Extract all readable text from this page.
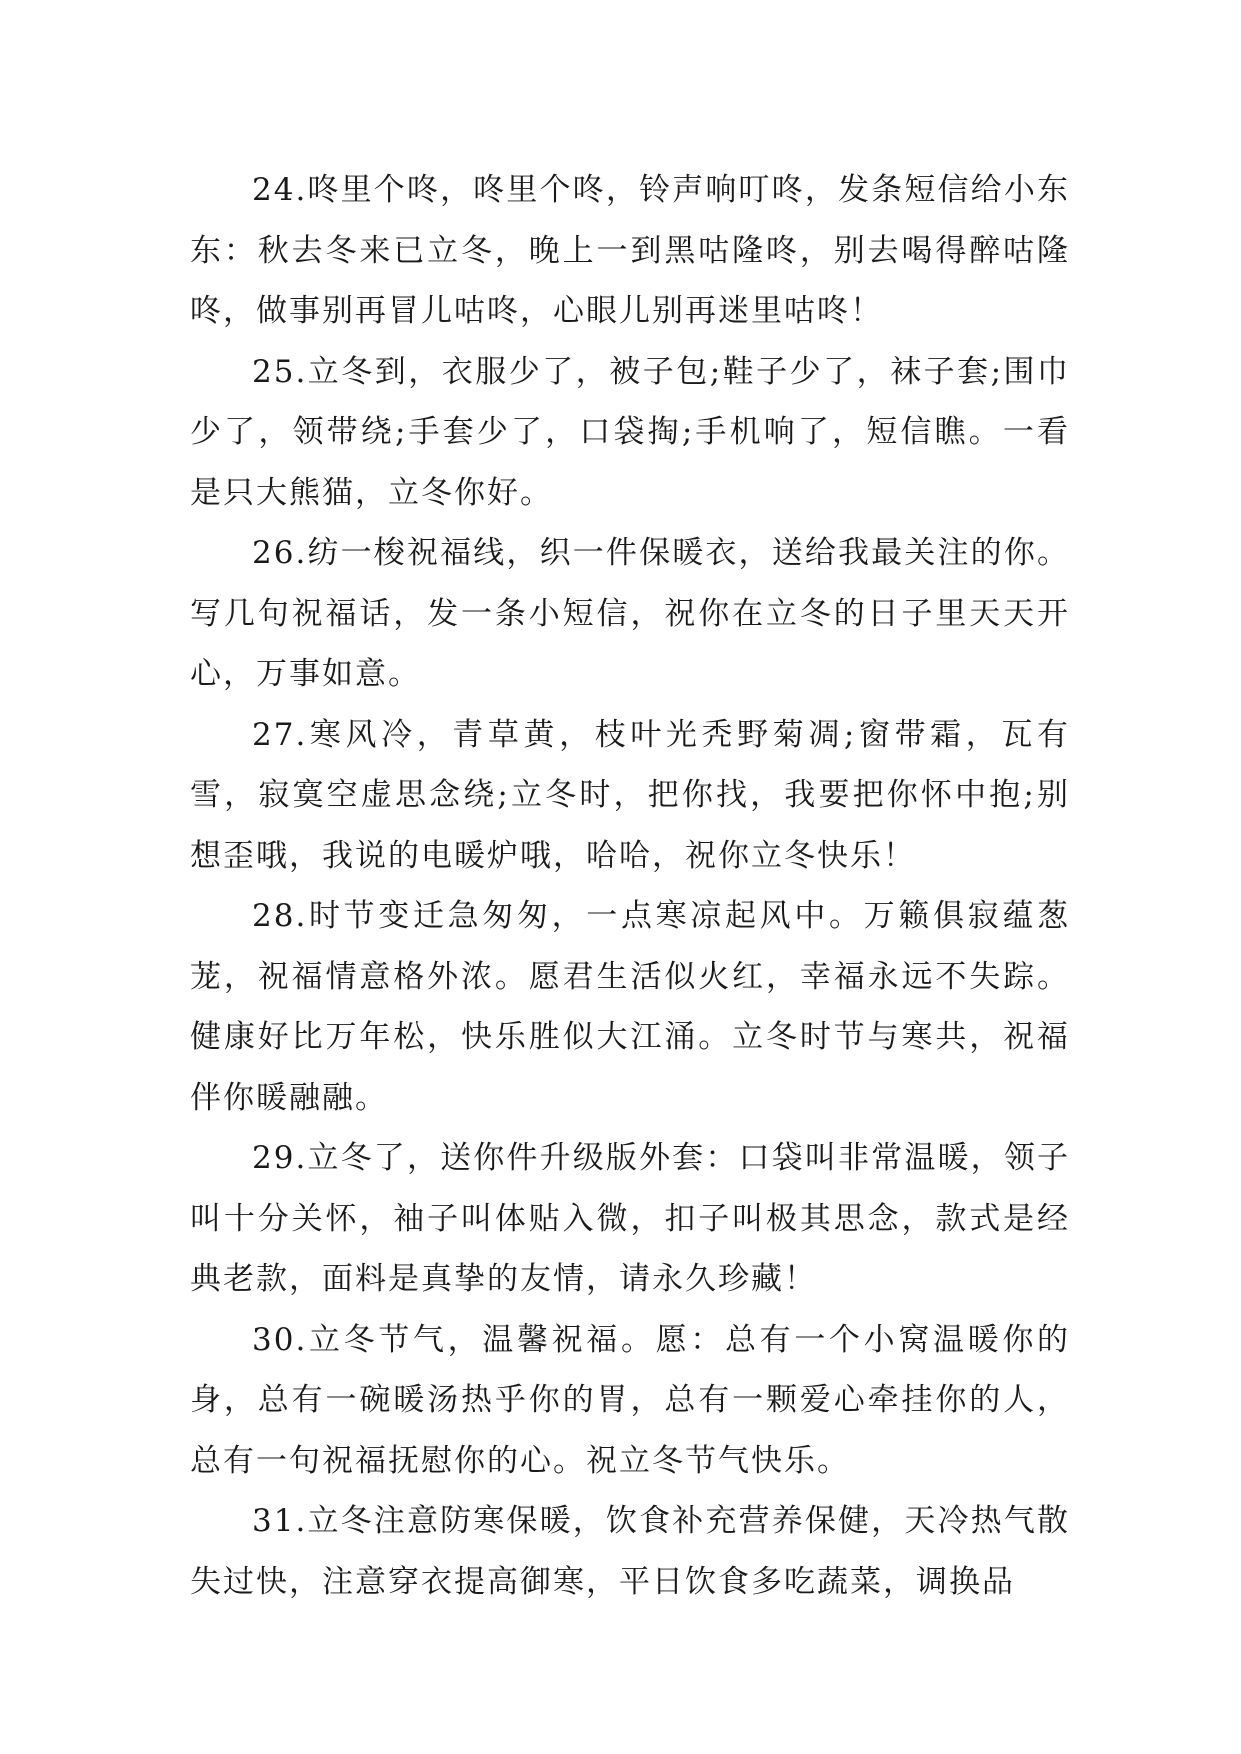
24.咚里个咚，咚里个咚，铃声响叮咚，发条短信给小东东：秋去冬来已立冬，晚上一到黑咕隆咚，别去喝得醉咕隆咚，做事别再冒儿咕咚，心眼儿别再迷里咕咚！

25.立冬到，衣服少了，被子包;鞋子少了，袜子套;围巾少了，领带绕;手套少了，口袋掏;手机响了，短信瞧。一看是只大熊猫，立冬你好。

26.纺一梭祝福线，织一件保暖衣，送给我最关注的你。写几句祝福话，发一条小短信，祝你在立冬的日子里天天开心，万事如意。

27.寒风冷，青草黄，枝叶光秃野菊凋;窗带霜，瓦有雪，寂寞空虚思念绕;立冬时，把你找，我要把你怀中抱;别想歪哦，我说的电暖炉哦，哈哈，祝你立冬快乐！

28.时节变迁急匆匆，一点寒凉起风中。万籁俱寂蕴葱茏，祝福情意格外浓。愿君生活似火红，幸福永远不失踪。健康好比万年松，快乐胜似大江涌。立冬时节与寒共，祝福伴你暖融融。

29.立冬了，送你件升级版外套：口袋叫非常温暖，领子叫十分关怀，袖子叫体贴入微，扣子叫极其思念，款式是经典老款，面料是真挚的友情，请永久珍藏！

30.立冬节气，温馨祝福。愿：总有一个小窝温暖你的身，总有一碗暖汤热乎你的胃，总有一颗爱心牵挂你的人，总有一句祝福抚慰你的心。祝立冬节气快乐。

31.立冬注意防寒保暖，饮食补充营养保健，天冷热气散失过快，注意穿衣提高御寒，平日饮食多吃蔬菜，调换品
